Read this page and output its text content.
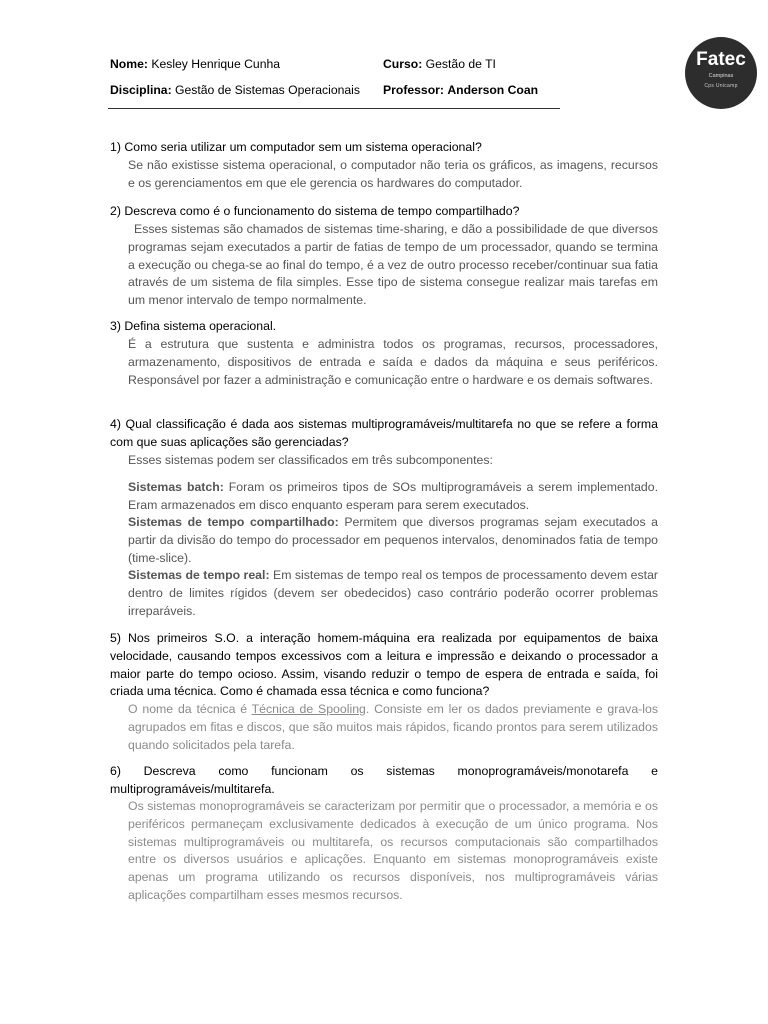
Nome: Kesley Henrique Cunha	Curso: Gestão de TI
Disciplina: Gestão de Sistemas Operacionais Professor: Anderson Coan
Fatec
Campinas
Cps Unicamp
1) Como seria utilizar um computador sem um sistema operacional?
Se não existisse sistema operacional, o computador não teria os gráficos, as imagens, recursos e os gerenciamentos em que ele gerencia os hardwares do computador.
2) Descreva como é o funcionamento do sistema de tempo compartilhado?
Esses sistemas são chamados de sistemas time-sharing, e dão a possibilidade de que diversos programas sejam executados a partir de fatias de tempo de um processador, quando se termina a execução ou chega-se ao final do tempo, é a vez de outro processo receber/continuar sua fatia através de um sistema de fila simples. Esse tipo de sistema consegue realizar mais tarefas em um menor intervalo de tempo normalmente.
3) Defina sistema operacional.
É a estrutura que sustenta e administra todos os programas, recursos, processadores, armazenamento, dispositivos de entrada e saída e dados da máquina e seus periféricos. Responsável por fazer a administração e comunicação entre o hardware e os demais softwares.
4) Qual classificação é dada aos sistemas multiprogramáveis/multitarefa no que se refere a forma com que suas aplicações são gerenciadas?
Esses sistemas podem ser classificados em três subcomponentes:
Sistemas batch: Foram os primeiros tipos de SOs multiprogramáveis a serem implementado. Eram armazenados em disco enquanto esperam para serem executados.
Sistemas de tempo compartilhado: Permitem que diversos programas sejam executados a partir da divisão do tempo do processador em pequenos intervalos, denominados fatia de tempo (time-slice).
Sistemas de tempo real: Em sistemas de tempo real os tempos de processamento devem estar dentro de limites rígidos (devem ser obedecidos) caso contrário poderão ocorrer problemas irreparáveis.
5) Nos primeiros S.O. a interação homem-máquina era realizada por equipamentos de baixa velocidade, causando tempos excessivos com a leitura e impressão e deixando o processador a maior parte do tempo ocioso. Assim, visando reduzir o tempo de espera de entrada e saída, foi criada uma técnica. Como é chamada essa técnica e como funciona?
O nome da técnica é Técnica de Spooling. Consiste em ler os dados previamente e grava-los agrupados em fitas e discos, que são muitos mais rápidos, ficando prontos para serem utilizados quando solicitados pela tarefa.
6) Descreva como funcionam os sistemas monoprogramáveis/monotarefa e multiprogramáveis/multitarefa.
Os sistemas monoprogramáveis se caracterizam por permitir que o processador, a memória e os periféricos permaneçam exclusivamente dedicados à execução de um único programa. Nos sistemas multiprogramáveis ou multitarefa, os recursos computacionais são compartilhados entre os diversos usuários e aplicações. Enquanto em sistemas monoprogramáveis existe apenas um programa utilizando os recursos disponíveis, nos multiprogramáveis várias aplicações compartilham esses mesmos recursos.
